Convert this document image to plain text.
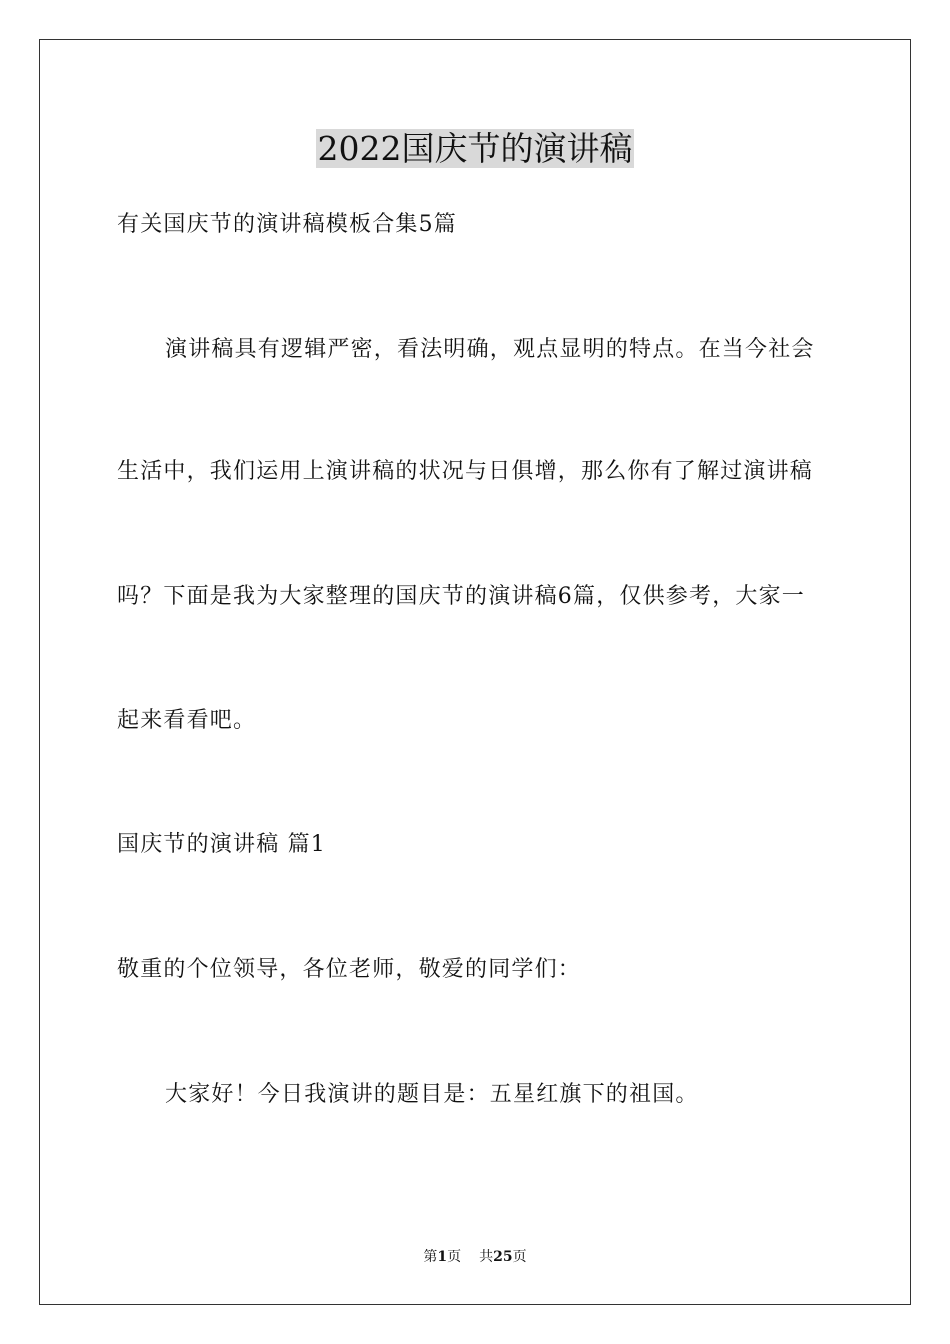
2022国庆节的演讲稿
有关国庆节的演讲稿模板合集5篇
演讲稿具有逻辑严密，看法明确，观点显明的特点。在当今社会
生活中，我们运用上演讲稿的状况与日俱增，那么你有了解过演讲稿
吗？下面是我为大家整理的国庆节的演讲稿6篇，仅供参考，大家一
起来看看吧。
国庆节的演讲稿 篇1
敬重的个位领导，各位老师，敬爱的同学们：
大家好！今日我演讲的题目是：五星红旗下的祖国。
第1页 共25页
